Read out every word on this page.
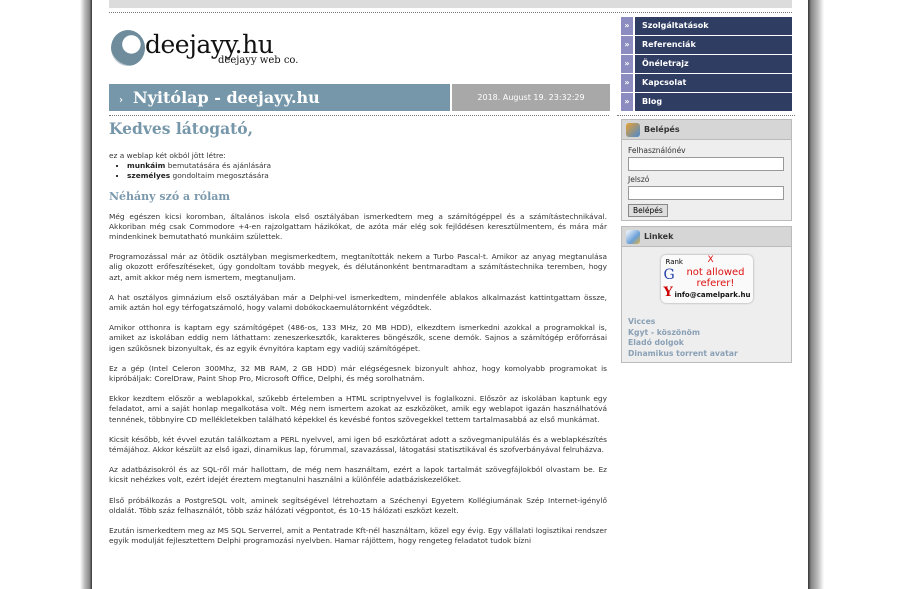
deejayy.hu
deejayy web co.
› Nyitólap - deejayy.hu	2018. August 19. 23:32:29
Kedves látogató,
ez a weblap két okból jött létre:
▪ munkáim bemutatására és ajánlására
▪ személyes gondoltaim megosztására
Néhány szó a rólam

Még egészen kicsi koromban, általános iskola első osztályában ismerkedtem meg a számítógéppel és a számítástechnikával. Akkoriban még csak Commodore +4-en rajzolgattam házikókat, de azóta már elég sok fejlődésen keresztülmentem, és mára már mindenkinek bemutatható munkáim születtek.

Programozással már az ötödik osztályban megismerkedtem, megtanították nekem a Turbo Pascal-t. Amikor az anyag megtanulása alig okozott erőfeszítéseket, úgy gondoltam tovább megyek, és délutánonként bentmaradtam a számítástechnika teremben, hogy azt, amit akkor még nem ismertem, megtanuljam.

A hat osztályos gimnázium első osztályában már a Delphi-vel ismerkedtem, mindenféle ablakos alkalmazást kattintgattam össze, amik aztán hol egy térfogatszámoló, hogy valami dobókockaemulátornként végződtek.

Amikor otthonra is kaptam egy számítógépet (486-os, 133 MHz, 20 MB HDD), elkezdtem ismerkedni azokkal a programokkal is, amiket az iskolában eddig nem láthattam: zeneszerkesztők, karakteres böngészők, scene demók. Sajnos a számítógép erőforrásai igen szűkösnek bizonyultak, és az egyik évnyitóra kaptam egy vadiúj számítógépet.

Ez a gép (Intel Celeron 300Mhz, 32 MB RAM, 2 GB HDD) már elégségesnek bizonyult ahhoz, hogy komolyabb programokat is kipróbáljak: CorelDraw, Paint Shop Pro, Microsoft Office, Delphi, és még sorolhatnám.

Ekkor kezdtem először a weblapokkal, szűkebb értelemben a HTML scriptnyelvvel is foglalkozni. Először az iskolában kaptunk egy feladatot, ami a saját honlap megalkotása volt. Még nem ismertem azokat az eszközöket, amik egy weblapot igazán használhatóvá tennének, többnyire CD mellékletekben található képekkel és kevésbé fontos szövegekkel tettem tartalmasabbá az első munkámat.

Kicsit később, két évvel ezután találkoztam a PERL nyelvvel, ami igen bő eszköztárat adott a szövegmanipulálás és a weblapkészítés témájához. Akkor készült az első igazi, dinamikus lap, fórummal, szavazással, látogatási statisztikával és szofverbányával felruházva.

Az adatbázisokról és az SQL-ről már hallottam, de még nem használtam, ezért a lapok tartalmát szövegfájlokból olvastam be. Ez kicsit nehézkes volt, ezért idejét éreztem megtanulni használni a különféle adatbáziskezelőket.

Első próbálkozás a PostgreSQL volt, aminek segítségével létrehoztam a Széchenyi Egyetem Kollégiumának Szép Internet-igénylő oldalát. Több száz felhasználót, több száz hálózati végpontot, és 10-15 hálózati eszközt kezelt.

Ezután ismerkedtem meg az MS SQL Serverrel, amit a Pentatrade Kft-nél használtam, közel egy évig. Egy vállalati logisztikai rendszer egyik modulját fejlesztettem Delphi programozási nyelvben. Hamar rájöttem, hogy rengeteg feladatot tudok bízni

»	Szolgáltatások
»	Referenciák
»	Önéletrajz
»	Kapcsolat
»	Blog
Belépés
Felhasználónév
Jelszó
Belépés
Linkek
Rank	X
G	not allowed referer!
Y info@camelpark.hu
Vicces
Kgyt - köszönöm
Eladó dolgok
Dinamikus torrent avatar
